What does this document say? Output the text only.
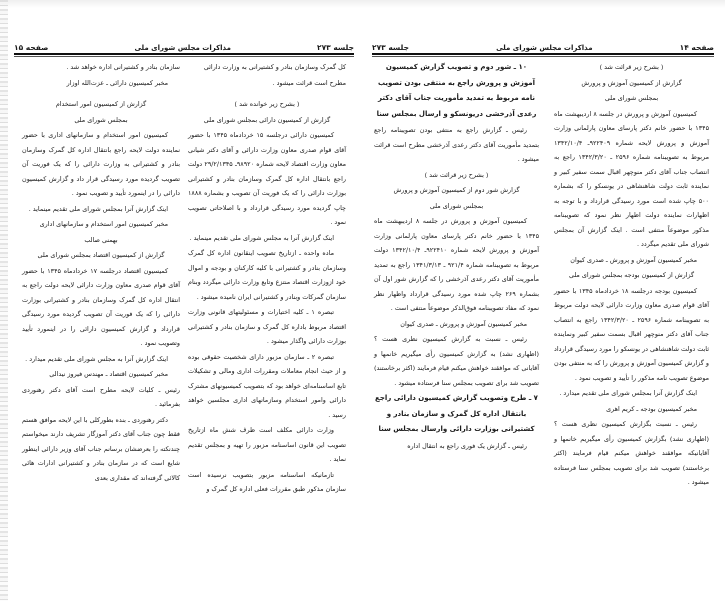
جلسه ۲۷۳
مذاکرات مجلس شورای ملی
صفحه ۱۵

کل گمرک وسازمان بنادر و کشتیرانی به وزارت دارائی

مطرح است قرائت میشود .

( بشرح زیر خوانده شد )

گزارش از کمیسیون دارائی بمجلس شورای ملی

کمیسیون دارائی درجلسه ۱۵ خردادماه ۱۳۴۵ با حضور آقای قوام صدری معاون وزارت دارائی و آقای دکتر شیانی معاون وزارت اقتصاد لایحه شماره ۹۸۹۲۰ـ ۲۹/۲/۱۳۴۵ دولت راجع بانتقال اداره کل گمرک وسازمان بنادر و کشتیرانی بوزارت دارائی را که یک فوریت آن تصویب و بشماره ۱۸۸۸ چاپ گردیده مورد رسیدگی قرارداد و با اصلاحاتی تصویب نمود .

اینک گزارش آنرا به مجلس شورای ملی تقدیم مینماید .

ماده واحده ـ ازتاریخ تصویب اینقانون اداره کل گمرک وسازمان بنادر و کشتیرانی با کلیه کارکنان و بودجه و اموال خود ازوزارت اقتصاد منتزع وتابع وزارت دارائی میگردد وبنام سازمان گمرکات وبنادر و کشتیرانی ایران نامیده میشود .

تبصره ۱ ـ کلیه اختیارات و مسئولیتهای قانونی وزارت اقتصاد مربوط باداره کل گمرک و سازمان بنادر و کشتیرانی بوزارت دارائی واگذار میشود .

تبصره ۲ ـ سازمان مزبور دارای شخصیت حقوقی بوده و از حیث انجام معاملات ومقررات اداری ومالی و تشکیلات تابع اساسنامه‌ای خواهد بود که بتصویب کمیسیونهای مشترک دارائی وامور استخدام وسازمانهای اداری مجلسین خواهد رسید .

وزارت دارائی مکلف است ظرف شش ماه ازتاریخ تصویب این قانون اساسنامه مزبور را تهیه و بمجلس تقدیم نماید .

تازمانیکه اساسنامه مزبور بتصویب نرسیده است سازمان مذکور طبق مقررات فعلی اداره کل گمرک و

سازمان بنادر و کشتیرانی اداره خواهد شد .

مخبر کمیسیون دارائی ـ عزت‌الله اوزار

گزارش از کمیسیون امور استخدام

بمجلس شورای ملی

کمیسیون امور استخدام و سازمانهای اداری با حضور نماینده دولت لایحه راجع بانتقال اداره کل گمرک وسازمان بنادر و کشتیرانی به وزارت دارائی را که یک فوریت آن تصویب گردیده مورد رسیدگی قرار داد و گزارش کمیسیون دارائی را در اینمورد تأیید و تصویب نمود .

اینک گزارش آنرا بمجلس شورای ملی تقدیم مینماید .

مخبر کمیسیون امور استخدام و سازمانهای اداری

بهمنی صالب

گزارش از کمیسیون اقتصاد بمجلس شورای ملی

کمیسیون اقتصاد درجلسه ۱۷ خردادماه ۱۳۴۵ با حضور آقای قوام صدری معاون وزارت دارائی لایحه دولت راجع به انتقال اداره کل گمرک وسازمان بنادر و کشتیرانی بوزارت دارائی را که یک فوریت آن تصویب گردیده مورد رسیدگی قرارداد و گزارش کمیسیون دارائی را در اینمورد تأیید وتصویب نمود .

اینک گزارش آنرا به مجلس شورای ملی تقدیم میدارد .

مخبر کمیسیون اقتصاد ـ مهندس فیروز نیدالی

رئیس ـ کلیات لایحه مطرح است آقای دکتر رهنوردی بفرمائید .

دکتر رهنوردی ـ بنده بطورکلی با این لایحه موافق هستم فقط چون جناب آقای دکتر آموزگار تشریف دارند میخواستم چندنکته را بعرضشان برسانم جناب آقای وزیر دارائی اینطور شایع است که در سازمان بنادر و کشتیرانی ادارات هائی کالائی گرفته‌اند که مقداری بعدی

صفحه ۱۴
مذاکرات مجلس شورای ملی
جلسه ۲۷۳

( بشرح زیر قرائت شد )

گزارش از کمیسیون آموزش و پرورش

بمجلس شورای ملی

کمیسیون آموزش و پرورش در جلسه ۸ اردیبهشت ماه ۱۳۴۵ با حضور خانم دکتر پارسای معاون پارلمانی وزارت آموزش و پرورش لایحه شماره ۹۲۲۴۰۹ـ ۱۳۴۲/۱۰/۴ مربوط به تصویبنامه شماره ۲۵۹۶ ـ ۱۳۴۲/۳/۲۰ راجع به انتصاب جناب آقای دکتر منوچهر اقبال سمت سفیر کبیر و نماینده ثابت دولت شاهنشاهی در یونسکو را که بشماره ۵۰۰ چاپ شده است مورد رسیدگی قرارداد و با توجه به اظهارات نماینده دولت اظهار نظر نمود که تصویبنامه مذکور موضوعاً منتفی است . اینک گزارش آن بمجلس شورای ملی تقدیم میگردد .

مخبر کمیسیون آموزش و پرورش ـ صدری کیوان

گزارش از کمیسیون بودجه بمجلس شورای ملی

کمیسیون بودجه درجلسه ۱۸ خردادماه ۱۳۴۵ با حضور آقای قوام صدری معاون وزارت دارائی لایحه دولت مربوط به تصویبنامه شماره ۲۵۹۶ ـ ۱۳۴۲/۳/۲۰ راجع به انتصاب جناب آقای دکتر منوچهر اقبال بسمت سفیر کبیر ونماینده ثابت دولت شاهنشاهی در یونسکو را مورد رسیدگی قرارداد و گزارش کمیسیون آموزش و پرورش را که به منتفی بودن موضوع تصویب نامه مذکور را تأیید و تصویب نمود .

اینک گزارش آنرا بمجلس شورای ملی تقدیم میدارد .

مخبر کمیسیون بودجه ـ کریم اهری

رئیس ـ نسبت بگزارش کمیسیون نظری هست ؟ (اظهاری نشد) بگزارش کمیسیون رأی میگیریم خانمها و آقایانیکه موافقند خواهش میکنم قیام فرمایند (اکثر برخاستند) تصویب شد برای تصویب بمجلس سنا فرستاده میشود .

۱۰ ـ شور دوم و تصویب گزارش کمیسیون آموزش و پرورش راجع به منتفی بودن تصویب نامه مربوط به تمدید مأموریت جناب آقای دکتر رعدی آذرخشی دریونسکو و ارسال بمجلس سنا

رئیس ـ گزارش راجع به منتفی بودن تصویبنامه راجع بتمدید مأموریت آقای دکتر رعدی آذرخشی مطرح است قرائت میشود .

( بشرح زیر قرائت شد )

گزارش شور دوم از کمیسیون آموزش و پرورش

بمجلس شورای ملی

کمیسیون آموزش و پرورش در جلسه ۸ اردیبهشت ماه ۱۳۴۵ با حضور خانم دکتر پارسای معاون پارلمانی وزارت آموزش و پرورش لایحه شماره ۹۲۲۴۱۰ـ ۱۳۴۲/۱۰/۴ دولت مربوط به تصویبنامه شماره ۹۲۱/۴ ـ ۱۳۴۱/۳/۱۳ راجع به تمدید مأموریت آقای دکتر رعدی آذرخشی را که گزارش شور اول آن بشماره ۲۶۹ چاپ شده مورد رسیدگی قرارداد واظهار نظر نمود که مفاد تصویبنامه فوق‌الذکر موضوعاً منتفی است .

مخبر کمیسیون آموزش و پرورش ـ صدری کیوان

رئیس ـ نسبت به گزارش کمیسیون نظری هست ؟ (اظهاری نشد) به گزارش کمیسیون رأی میگیریم خانمها و آقایانی که موافقند خواهش میکنم قیام فرمایند (اکثر برخاستند) تصویب شد برای تصویب بمجلس سنا فرستاده میشود .

۷ ـ طرح وتصویب گزارش کمیسیون دارائی راجع بانتقال اداره کل گمرک و سازمان بنادر و کشتیرانی بوزارت دارائی وارسال بمجلس سنا

رئیس ـ گزارش یک فوری راجع به انتقال اداره
